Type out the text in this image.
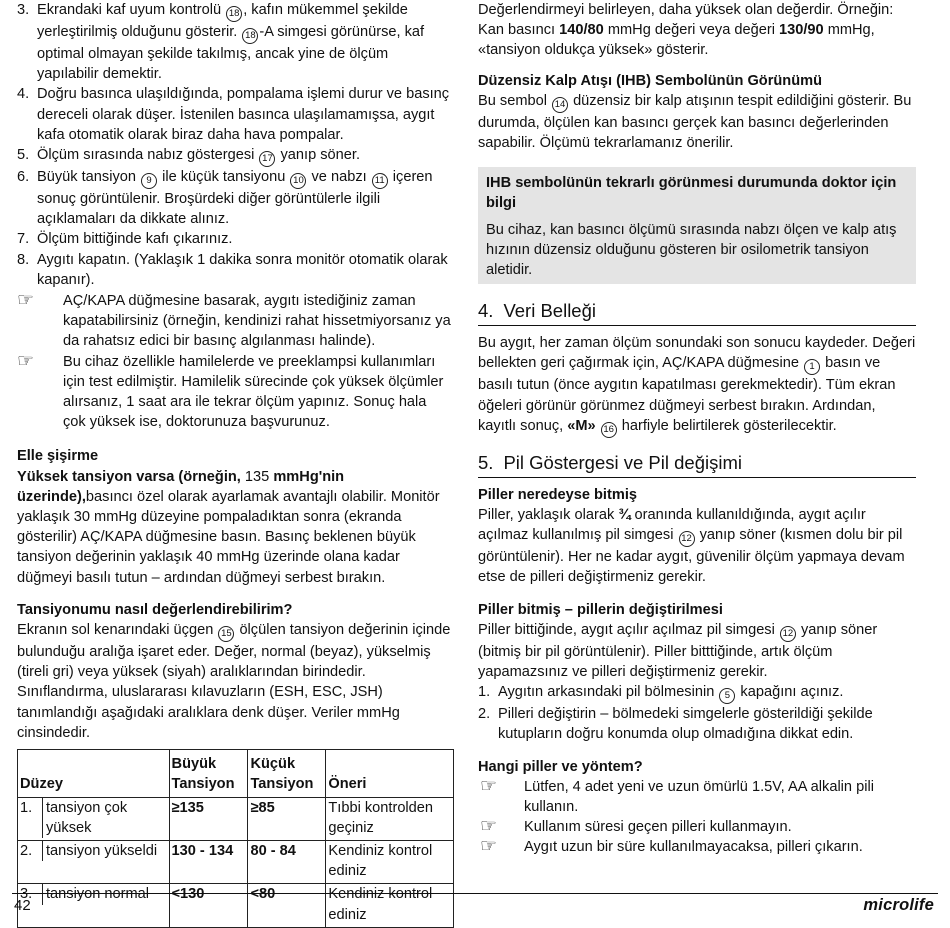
3. Ekrandaki kaf uyum kontrolü 18 , kafın mükemmel şekilde yerleştirilmiş olduğunu gösterir. 18 -A simgesi görünürse, kaf optimal olmayan şekilde takılmış, ancak yine de ölçüm yapılabilir demektir.
4. Doğru basınca ulaşıldığında, pompalama işlemi durur ve basınç dereceli olarak düşer. İstenilen basınca ulaşılamamışsa, aygıt kafa otomatik olarak biraz daha hava pompalar.
5. Ölçüm sırasında nabız göstergesi 17 yanıp söner.
6. Büyük tansiyon 9 ile küçük tansiyonu 10 ve nabzı 11 içeren sonuç görüntülenir. Broşürdeki diğer görüntülerle ilgili açıklamaları da dikkate alınız.
7. Ölçüm bittiğinde kafı çıkarınız.
8. Aygıtı kapatın. (Yaklaşık 1 dakika sonra monitör otomatik olarak kapanır).
☞	AÇ/KAPA düğmesine basarak, aygıtı istediğiniz zaman kapatabilirsiniz (örneğin, kendinizi rahat hissetmiyorsanız ya da rahatsız edici bir basınç algılanması halinde).
☞	Bu cihaz özellikle hamilelerde ve preeklampsi kullanımları için test edilmiştir. Hamilelik sürecinde çok yüksek ölçümler alırsanız, 1 saat ara ile tekrar ölçüm yapınız. Sonuç hala çok yüksek ise, doktorunuza başvurunuz.

Elle şişirme

Yüksek tansiyon varsa (örneğin, 135 mmHg'nin üzerinde),basıncı özel olarak ayarlamak avantajlı olabilir. Monitör yaklaşık 30 mmHg düzeyine pompaladıktan sonra (ekranda gösterilir) AÇ/KAPA düğmesine basın. Basınç beklenen büyük tansiyon değerinin yaklaşık 40 mmHg üzerinde olana kadar düğmeyi basılı tutun – ardından düğmeyi serbest bırakın.

Tansiyonumu nasıl değerlendirebilirim?

Ekranın sol kenarındaki üçgen 15 ölçülen tansiyon değerinin içinde bulunduğu aralığa işaret eder. Değer, normal (beyaz), yükselmiş (tireli gri) veya yüksek (siyah) aralıklarından birindedir. Sınıflandırma, uluslararası kılavuzların (ESH, ESC, JSH) tanımlandığı aşağıdaki aralıklara denk düşer. Veriler mmHg cinsindedir.

Düzey	Büyük Tansiyon	Küçük Tansiyon	Öneri

1. tansiyon çok yüksek	≥135	≥85	Tıbbi kontrolden geçiniz

2. tansiyon yükseldi	130 - 134	80 - 84	Kendiniz kontrol ediniz

3. tansiyon normal	<130	<80	Kendiniz kontrol ediniz

Değerlendirmeyi belirleyen, daha yüksek olan değerdir. Örneğin: Kan basıncı 140/80 mmHg değeri veya değeri 130/90 mmHg, «tansiyon oldukça yüksek» gösterir.

Düzensiz Kalp Atışı (IHB) Sembolünün Görünümü

Bu sembol 14 düzensiz bir kalp atışının tespit edildiğini gösterir. Bu durumda, ölçülen kan basıncı gerçek kan basıncı değerlerinden sapabilir. Ölçümü tekrarlamanız önerilir.

IHB sembolünün tekrarlı görünmesi durumunda doktor için bilgi

Bu cihaz, kan basıncı ölçümü sırasında nabzı ölçen ve kalp atış hızının düzensiz olduğunu gösteren bir osilometrik tansiyon aletidir.

4. Veri Belleği

Bu aygıt, her zaman ölçüm sonundaki son sonucu kaydeder. Değeri bellekten geri çağırmak için, AÇ/KAPA düğmesine 1 basın ve basılı tutun (önce aygıtın kapatılması gerekmektedir). Tüm ekran öğeleri görünür görünmez düğmeyi serbest bırakın. Ardından, kayıtlı sonuç, «M» 16 harfiyle belirtilerek gösterilecektir.

5. Pil Göstergesi ve Pil değişimi

Piller neredeyse bitmiş

Piller, yaklaşık olarak ¾ oranında kullanıldığında, aygıt açılır açılmaz kullanılmış pil simgesi 12 yanıp söner (kısmen dolu bir pil görüntülenir). Her ne kadar aygıt, güvenilir ölçüm yapmaya devam etse de pilleri değiştirmeniz gerekir.

Piller bitmiş – pillerin değiştirilmesi

Piller bittiğinde, aygıt açılır açılmaz pil simgesi 12 yanıp söner (bitmiş bir pil görüntülenir). Piller bitttiğinde, artık ölçüm yapamazsınız ve pilleri değiştirmeniz gerekir.

1. Aygıtın arkasındaki pil bölmesinin 5 kapağını açınız.
2. Pilleri değiştirin – bölmedeki simgelerle gösterildiği şekilde kutupların doğru konumda olup olmadığına dikkat edin.

Hangi piller ve yöntem?

☞	Lütfen, 4 adet yeni ve uzun ömürlü 1.5V, AA alkalin pili kullanın.
☞	Kullanım süresi geçen pilleri kullanmayın.
☞	Aygıt uzun bir süre kullanılmayacaksa, pilleri çıkarın.
42	microlife
